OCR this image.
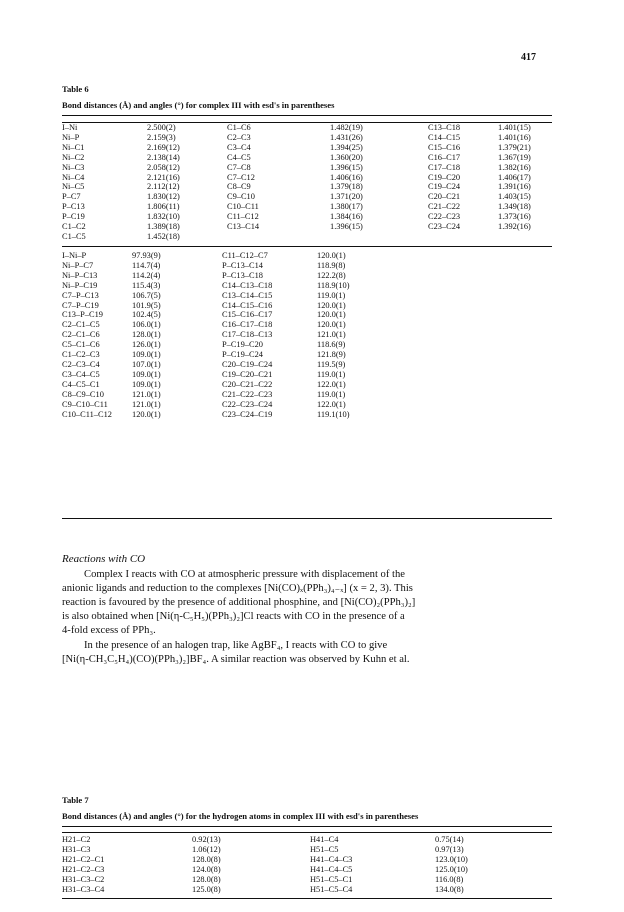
417
Table 6
Bond distances (Å) and angles (°) for complex III with esd's in parentheses
I–Ni	2.500(2)	C1–C6	1.482(19)	C13–C18	1.401(15)
Ni–P	2.159(3)	C2–C3	1.431(26)	C14–C15	1.401(16)
Ni–C1	2.169(12)	C3–C4	1.394(25)	C15–C16	1.379(21)
Ni–C2	2.138(14)	C4–C5	1.360(20)	C16–C17	1.367(19)
Ni–C3	2.058(12)	C7–C8	1.396(15)	C17–C18	1.382(16)
Ni–C4	2.121(16)	C7–C12	1.406(16)	C19–C20	1.406(17)
Ni–C5	2.112(12)	C8–C9	1.379(18)	C19–C24	1.391(16)
P–C7	1.830(12)	C9–C10	1.371(20)	C20–C21	1.403(15)
P–C13	1.806(11)	C10–C11	1.380(17)	C21–C22	1.349(18)
P–C19	1.832(10)	C11–C12	1.384(16)	C22–C23	1.373(16)
C1–C2	1.389(18)	C13–C14	1.396(15)	C23–C24	1.392(16)
C1–C5	1.452(18)				
I–Ni–P	97.93(9)	C11–C12–C7	120.0(1)
Ni–P–C7	114.7(4)	P–C13–C14	118.9(8)
Ni–P–C13	114.2(4)	P–C13–C18	122.2(8)
Ni–P–C19	115.4(3)	C14–C13–C18	118.9(10)
C7–P–C13	106.7(5)	C13–C14–C15	119.0(1)
C7–P–C19	101.9(5)	C14–C15–C16	120.0(1)
C13–P–C19	102.4(5)	C15–C16–C17	120.0(1)
C2–C1–C5	106.0(1)	C16–C17–C18	120.0(1)
C2–C1–C6	128.0(1)	C17–C18–C13	121.0(1)
C5–C1–C6	126.0(1)	P–C19–C20	118.6(9)
C1–C2–C3	109.0(1)	P–C19–C24	121.8(9)
C2–C3–C4	107.0(1)	C20–C19–C24	119.5(9)
C3–C4–C5	109.0(1)	C19–C20–C21	119.0(1)
C4–C5–C1	109.0(1)	C20–C21–C22	122.0(1)
C8–C9–C10	121.0(1)	C21–C22–C23	119.0(1)
C9–C10–C11	121.0(1)	C22–C23–C24	122.0(1)
C10–C11–C12	120.0(1)	C23–C24–C19	119.1(10)
Reactions with CO
Complex I reacts with CO at atmospheric pressure with displacement of the
anionic ligands and reduction to the complexes [Ni(CO)ₓ(PPh₃)₄₋ₓ] (x = 2, 3). This
reaction is favoured by the presence of additional phosphine, and [Ni(CO)₂(PPh₃)₂]
is also obtained when [Ni(η-C₅H₅)(PPh₃)₂]Cl reacts with CO in the presence of a
4-fold excess of PPh₃.
In the presence of an halogen trap, like AgBF₄, I reacts with CO to give
[Ni(η-CH₃C₅H₄)(CO)(PPh₃)₂]BF₄. A similar reaction was observed by Kuhn et al.
Table 7
Bond distances (Å) and angles (°) for the hydrogen atoms in complex III with esd's in parentheses
H21–C2	0.92(13)	H41–C4	0.75(14)
H31–C3	1.06(12)	H51–C5	0.97(13)
H21–C2–C1	128.0(8)	H41–C4–C3	123.0(10)
H21–C2–C3	124.0(8)	H41–C4–C5	125.0(10)
H31–C3–C2	128.0(8)	H51–C5–C1	116.0(8)
H31–C3–C4	125.0(8)	H51–C5–C4	134.0(8)
